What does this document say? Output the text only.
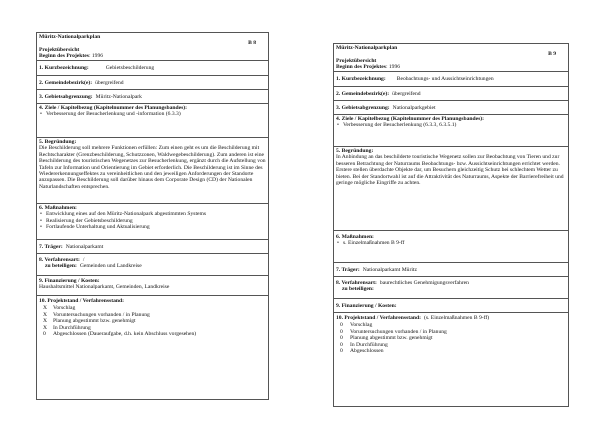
Müritz-Nationalparkplan
B 8
Projektübersicht
Beginn des Projektes: 1996
1. Kurzbezeichnung:	Gebietsbeschilderung
2. Gemeindebezirk(e): übergreifend
3. Gebietsabgrenzung: Müritz-Nationalpark
4. Ziele / Kapitelbezug (Kapitelnummer des Planungsbandes):
• Verbesserung der Besucherlenkung und -information (6.3.3)
5. Begründung:
Die Beschilderung soll mehrere Funktionen erfüllen: Zum einen geht es um die Beschilderung mit Rechtscharakter (Grenzbeschilderung, Schutzzonen, Waldwegebeschilderung). Zum anderen ist eine Beschilderung des touristischen Wegenetzes zur Besucherlenkung, ergänzt durch die Aufstellung von Tafeln zur Information und Orientierung im Gebiet erforderlich. Die Beschilderung ist im Sinne des Wiedererkennungseffektes zu vereinheitlichen und den jeweiligen Anforderungen der Standorte anzupassen. Die Beschilderung soll darüber hinaus dem Corporate Design (CD) der Nationalen Naturlandschaften entsprechen.
6. Maßnahmen:
• Entwicklung eines auf den Müritz-Nationalpark abgestimmten Systems
• Realisierung der Gebietsbeschilderung
• Fortlaufende Unterhaltung und Aktualisierung
7. Träger: Nationalparkamt
8. Verfahrensart: /
zu beteiligen: Gemeinden und Landkreise
9. Finanzierung / Kosten:
Haushaltsmittel Nationalparkamt, Gemeinden, Landkreise
10. Projektstand / Verfahrensstand:
X	Vorschlag
X	Voruntersuchungen vorhanden / in Planung
X	Planung abgestimmt bzw. genehmigt
X	In Durchführung
0	Abgeschlossen (Daueraufgabe, d.h. kein Abschluss vorgesehen)
Müritz-Nationalparkplan
B 9
Projektübersicht
Beginn des Projektes: 1996
1. Kurzbezeichnung: Beobachtungs- und Aussichtseinrichtungen
2. Gemeindebezirk(e): übergreifend
3. Gebietsabgrenzung: Nationalparkgebiet
4. Ziele / Kapitelbezug (Kapitelnummer des Planungsbandes):
• Verbesserung der Besucherlenkung (6.3.3, 6.3.5.1)
5. Begründung:
In Anbindung an das beschilderte touristische Wegenetz sollen zur Beobachtung von Tieren und zur besseren Betrachtung der Naturraums Beobachtungs- bzw. Aussichtseinrichtungen errichtet werden. Erstere stellen überdachte Objekte dar, um Besuchern gleichzeitig Schutz bei schlechtem Wetter zu bieten. Bei der Standortwahl ist auf die Attraktivität des Naturraums, Aspekte der Barrierefreiheit und geringe mögliche Eingriffe zu achten.
6. Maßnahmen:
• s. Einzelmaßnahmen B 9-ff
7. Träger: Nationalparkamt Müritz
8. Verfahrensart: baurechtliches Genehmigungsverfahren
zu beteiligen:
9. Finanzierung / Kosten:
10. Projektstand / Verfahrensstand: (s. Einzelmaßnahmen B 9-ff)
0	Vorschlag
0	Voruntersuchungen vorhanden / in Planung
0	Planung abgestimmt bzw. genehmigt
0	In Durchführung
0	Abgeschlossen
